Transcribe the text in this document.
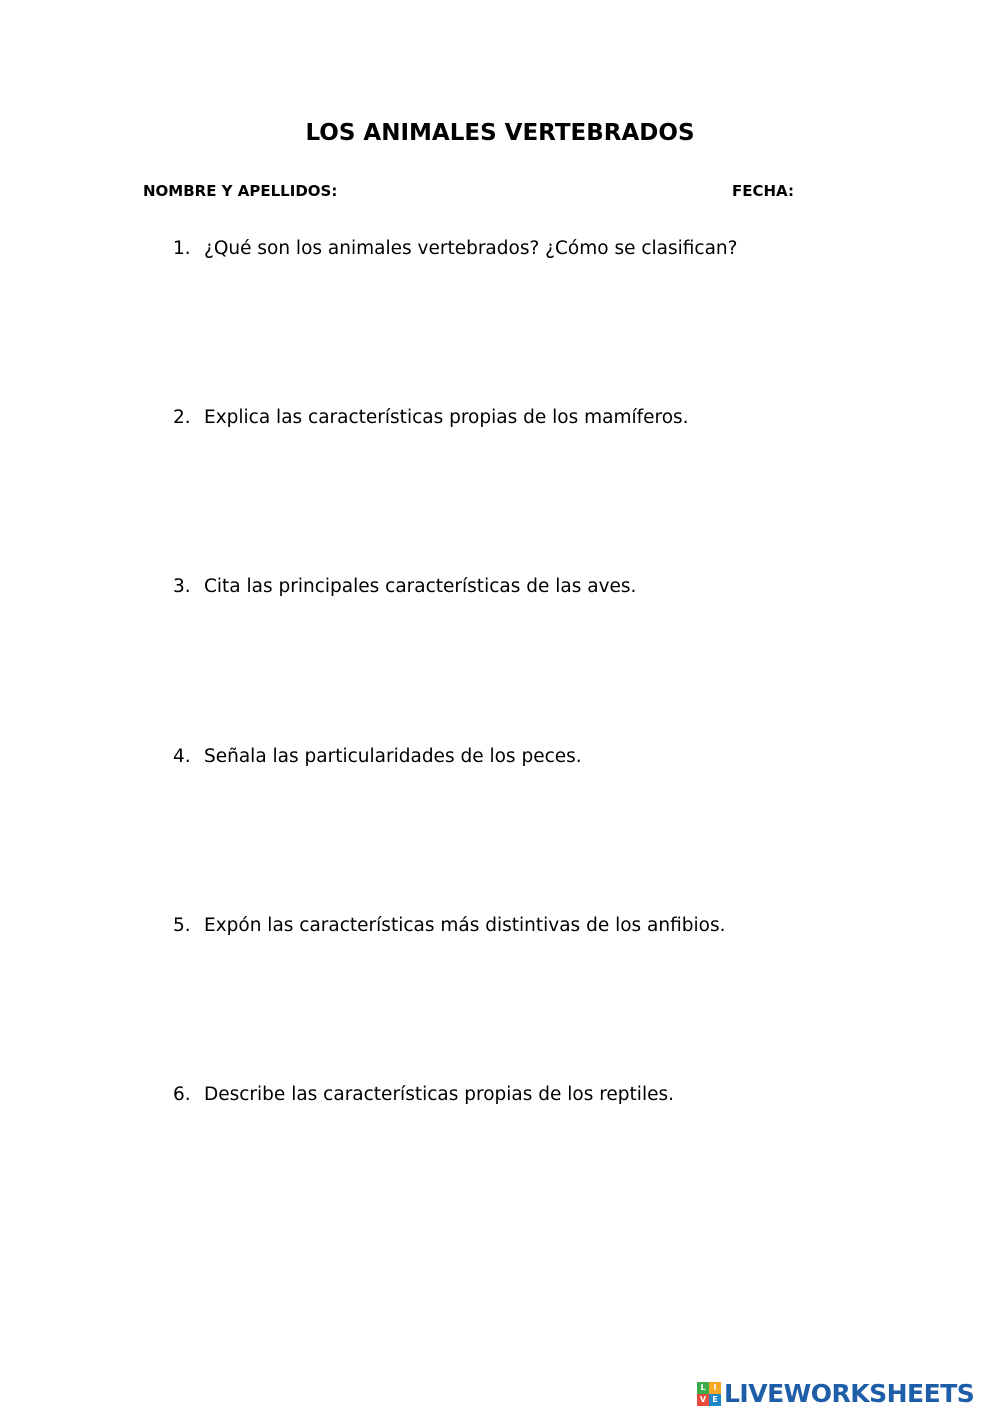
LOS ANIMALES VERTEBRADOS
NOMBRE Y APELLIDOS:	FECHA:
1. ¿Qué son los animales vertebrados? ¿Cómo se clasifican?
2. Explica las características propias de los mamíferos.
3. Cita las principales características de las aves.
4. Señala las particularidades de los peces.
5. Expón las características más distintivas de los anfibios.
6. Describe las características propias de los reptiles.
L I
V E LIVEWORKSHEETS
